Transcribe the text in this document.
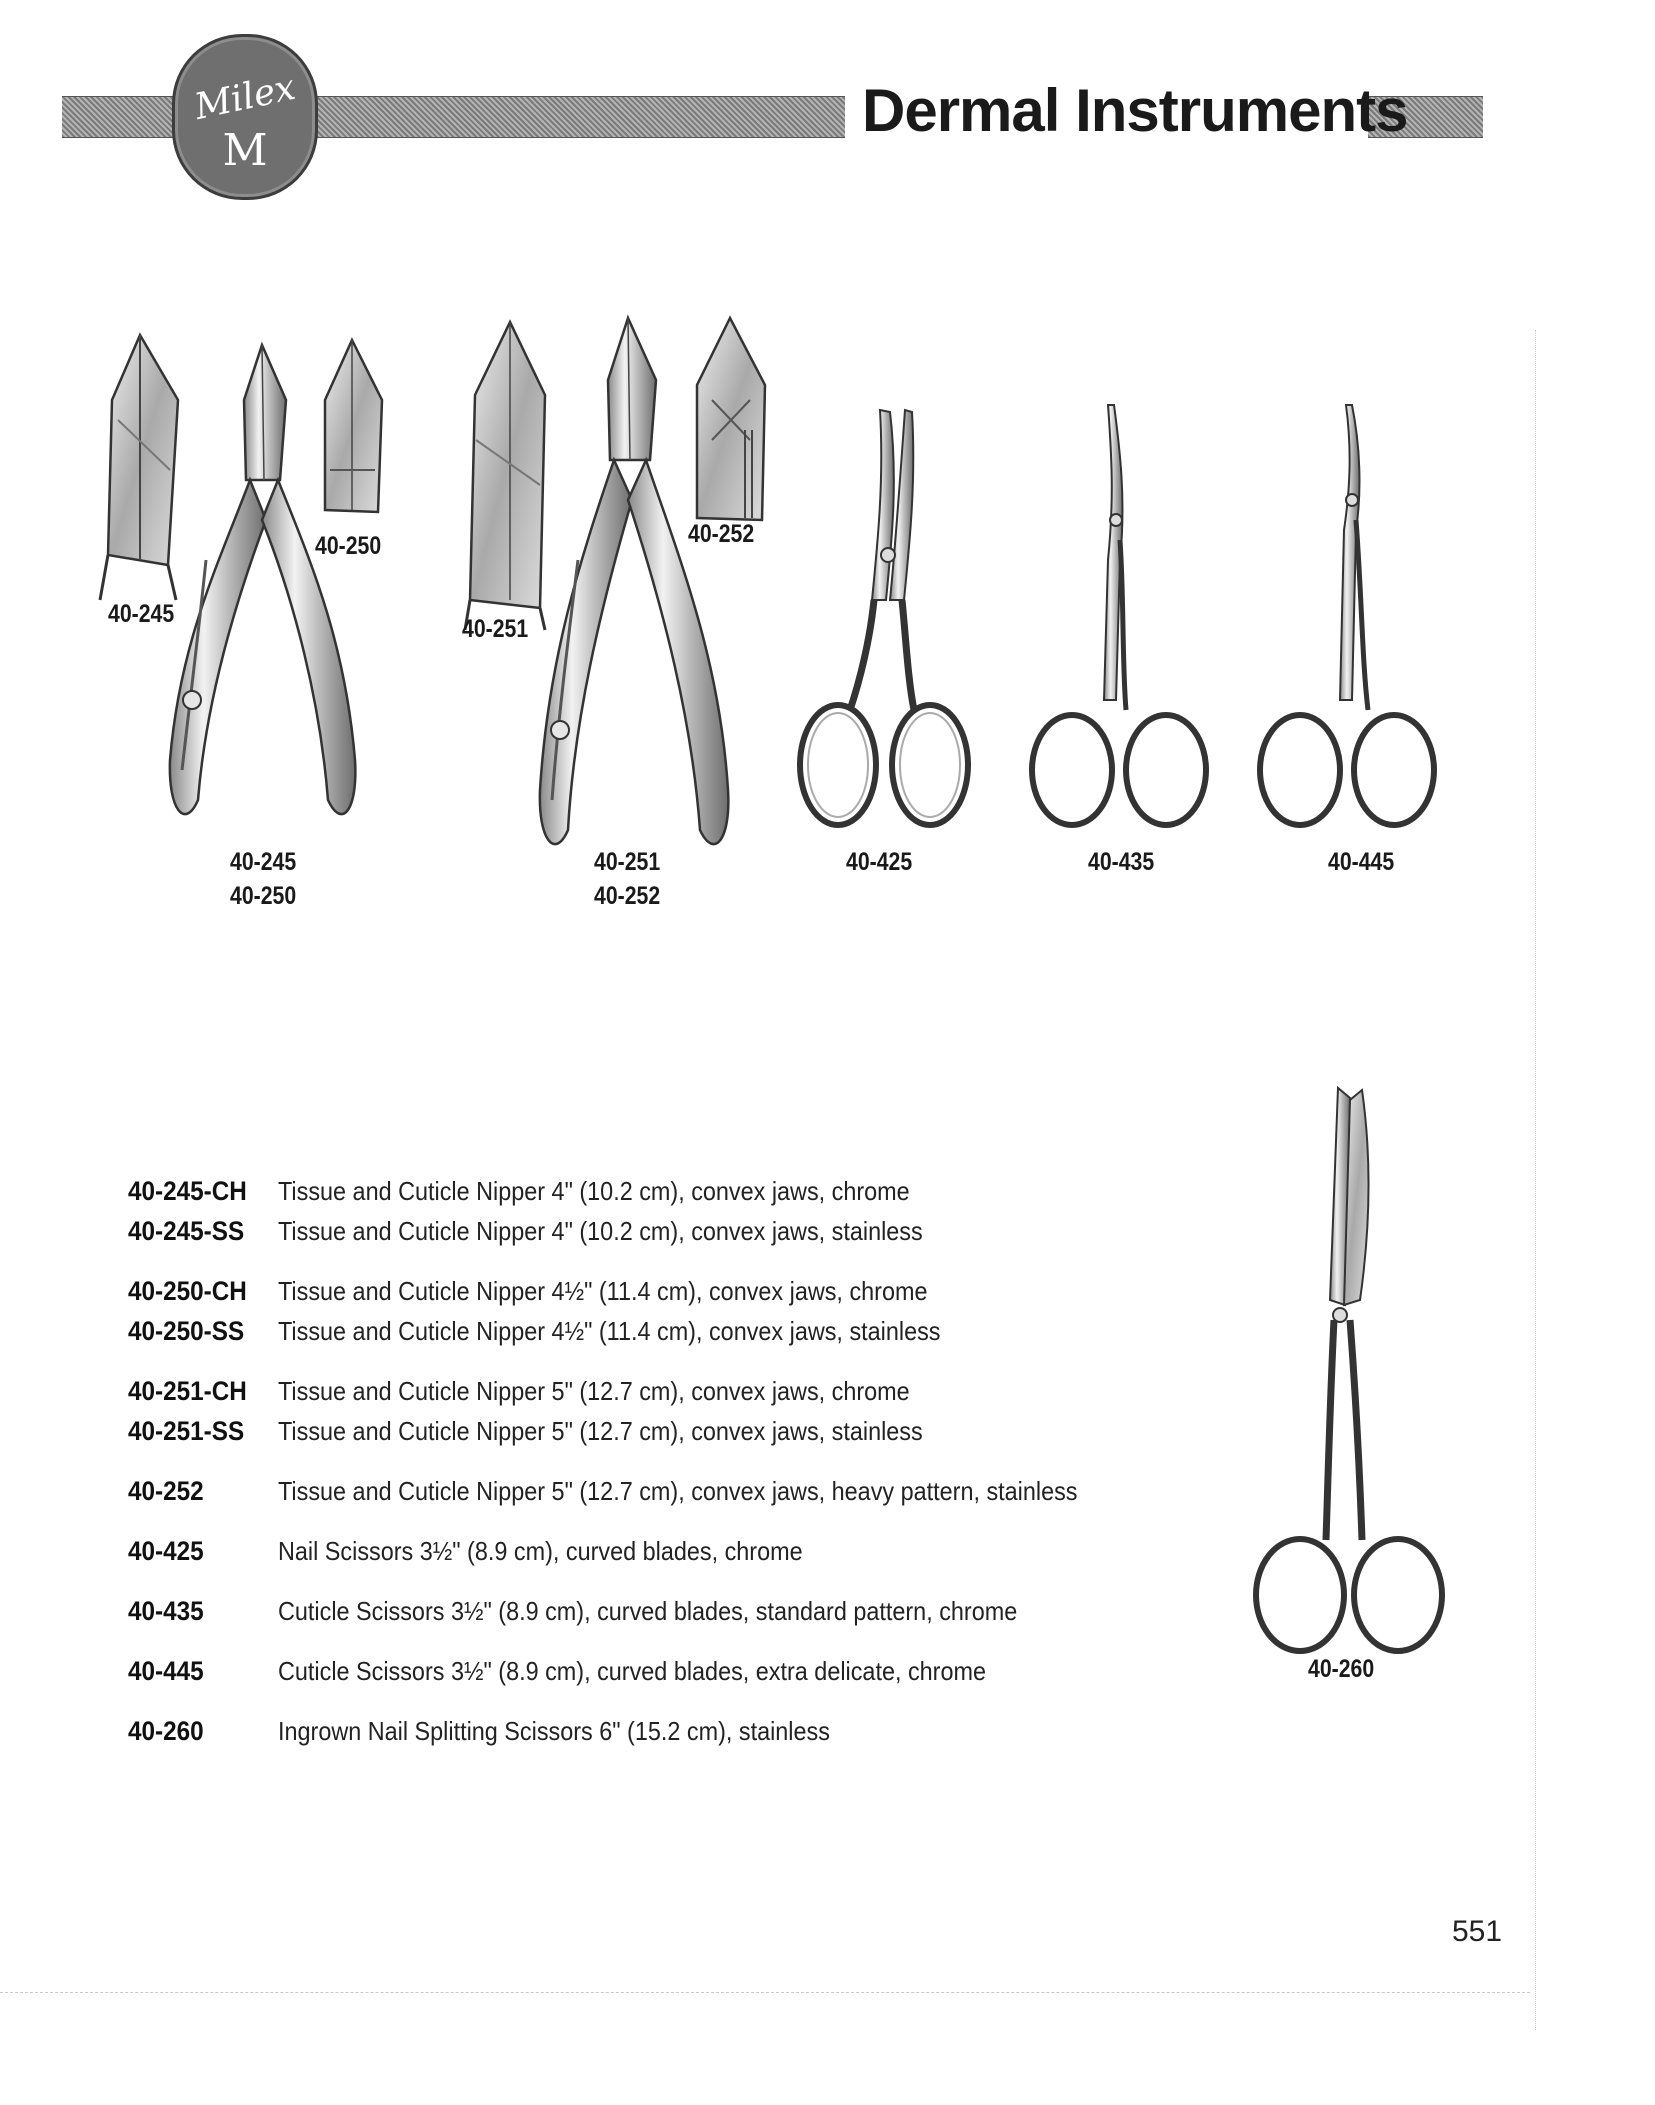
Milex
M
Dermal Instruments
40-245
40-250
40-251
40-252
40-245
40-250
40-251
40-252
40-425	40-435	40-445
40-260
40-245-CH	Tissue and Cuticle Nipper 4" (10.2 cm), convex jaws, chrome
40-245-SS	Tissue and Cuticle Nipper 4" (10.2 cm), convex jaws, stainless
40-250-CH	Tissue and Cuticle Nipper 4½" (11.4 cm), convex jaws, chrome
40-250-SS	Tissue and Cuticle Nipper 4½" (11.4 cm), convex jaws, stainless
40-251-CH	Tissue and Cuticle Nipper 5" (12.7 cm), convex jaws, chrome
40-251-SS	Tissue and Cuticle Nipper 5" (12.7 cm), convex jaws, stainless
40-252	Tissue and Cuticle Nipper 5" (12.7 cm), convex jaws, heavy pattern, stainless
40-425	Nail Scissors 3½" (8.9 cm), curved blades, chrome
40-435	Cuticle Scissors 3½" (8.9 cm), curved blades, standard pattern, chrome
40-445	Cuticle Scissors 3½" (8.9 cm), curved blades, extra delicate, chrome
40-260	Ingrown Nail Splitting Scissors 6" (15.2 cm), stainless
551
